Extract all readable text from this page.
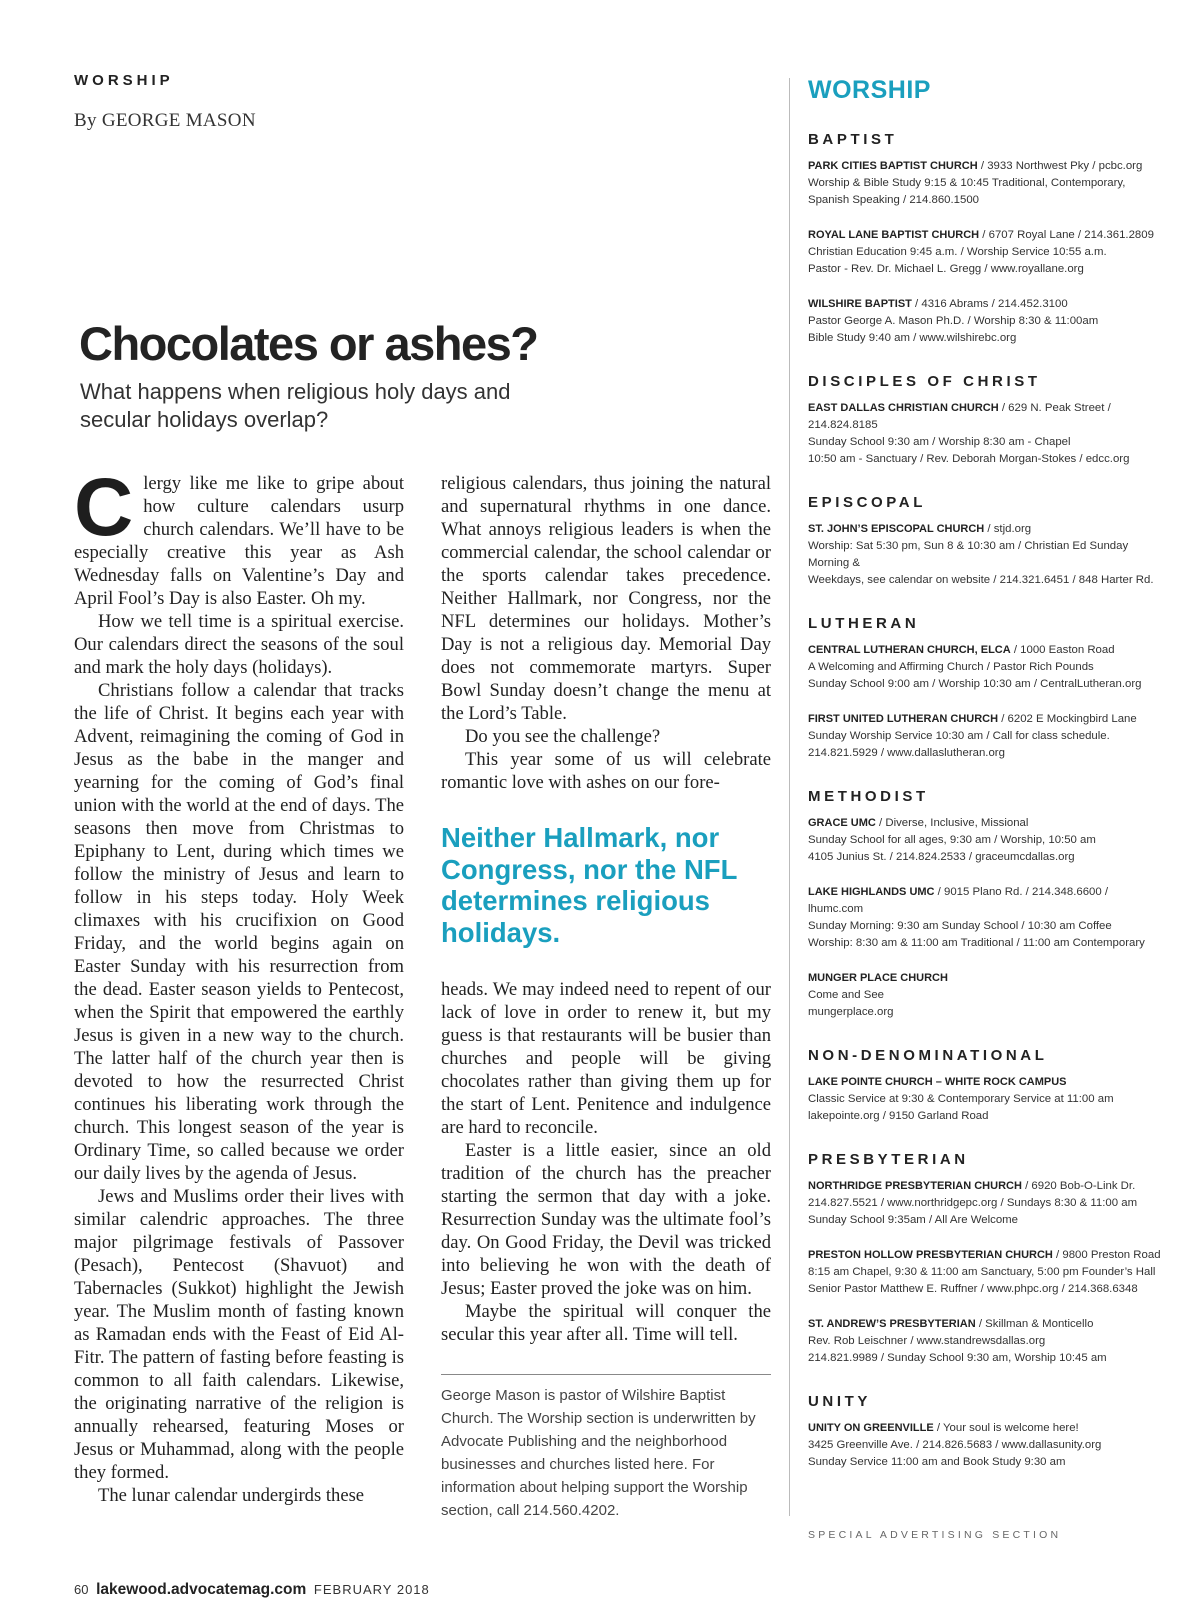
WORSHIP
By GEORGE MASON
Chocolates or ashes?
What happens when religious holy days and secular holidays overlap?

Clergy like me like to gripe about how culture calendars usurp church calendars. We’ll have to be especially creative this year as Ash Wednesday falls on Valentine’s Day and April Fool’s Day is also Easter. Oh my.

How we tell time is a spiritual exercise. Our calendars direct the seasons of the soul and mark the holy days (holidays).

Christians follow a calendar that tracks the life of Christ. It begins each year with Advent, reimagining the coming of God in Jesus as the babe in the manger and yearning for the coming of God’s final union with the world at the end of days. The seasons then move from Christmas to Epiphany to Lent, during which times we follow the ministry of Jesus and learn to follow in his steps today. Holy Week climaxes with his crucifixion on Good Friday, and the world begins again on Easter Sunday with his resurrection from the dead. Easter season yields to Pentecost, when the Spirit that empowered the earthly Jesus is given in a new way to the church. The latter half of the church year then is devoted to how the resurrected Christ continues his liberating work through the church. This longest season of the year is Ordinary Time, so called because we order our daily lives by the agenda of Jesus.

Jews and Muslims order their lives with similar calendric approaches. The three major pilgrimage festivals of Passover (Pesach), Pentecost (Shavuot) and Tabernacles (Sukkot) highlight the Jewish year. The Muslim month of fasting known as Ramadan ends with the Feast of Eid Al-Fitr. The pattern of fasting before feasting is common to all faith calendars. Likewise, the originating narrative of the religion is annually rehearsed, featuring Moses or Jesus or Muhammad, along with the people they formed.

The lunar calendar undergirds these

religious calendars, thus joining the natural and supernatural rhythms in one dance. What annoys religious leaders is when the commercial calendar, the school calendar or the sports calendar takes precedence. Neither Hallmark, nor Congress, nor the NFL determines our holidays. Mother’s Day is not a religious day. Memorial Day does not commemorate martyrs. Super Bowl Sunday doesn’t change the menu at the Lord’s Table.

Do you see the challenge?

This year some of us will celebrate romantic love with ashes on our fore-

Neither Hallmark, nor Congress, nor the NFL determines religious holidays.

heads. We may indeed need to repent of our lack of love in order to renew it, but my guess is that restaurants will be busier than churches and people will be giving chocolates rather than giving them up for the start of Lent. Penitence and indulgence are hard to reconcile.

Easter is a little easier, since an old tradition of the church has the preacher starting the sermon that day with a joke. Resurrection Sunday was the ultimate fool’s day. On Good Friday, the Devil was tricked into believing he won with the death of Jesus; Easter proved the joke was on him.

Maybe the spiritual will conquer the secular this year after all. Time will tell.

George Mason is pastor of Wilshire Baptist Church. The Worship section is underwritten by Advocate Publishing and the neighborhood businesses and churches listed here. For information about helping support the Worship section, call 214.560.4202.
60 lakewood.advocatemag.com FEBRUARY 2018
WORSHIP
BAPTIST
PARK CITIES BAPTIST CHURCH / 3933 Northwest Pky / pcbc.org
Worship & Bible Study 9:15 & 10:45 Traditional, Contemporary,
Spanish Speaking / 214.860.1500
ROYAL LANE BAPTIST CHURCH / 6707 Royal Lane / 214.361.2809
Christian Education 9:45 a.m. / Worship Service 10:55 a.m.
Pastor - Rev. Dr. Michael L. Gregg / www.royallane.org
WILSHIRE BAPTIST / 4316 Abrams / 214.452.3100
Pastor George A. Mason Ph.D. / Worship 8:30 & 11:00am
Bible Study 9:40 am / www.wilshirebc.org
DISCIPLES OF CHRIST
EAST DALLAS CHRISTIAN CHURCH / 629 N. Peak Street / 214.824.8185
Sunday School 9:30 am / Worship 8:30 am - Chapel
10:50 am - Sanctuary / Rev. Deborah Morgan-Stokes / edcc.org
EPISCOPAL
ST. JOHN’S EPISCOPAL CHURCH / stjd.org
Worship: Sat 5:30 pm, Sun 8 & 10:30 am / Christian Ed Sunday Morning &
Weekdays, see calendar on website / 214.321.6451 / 848 Harter Rd.
LUTHERAN
CENTRAL LUTHERAN CHURCH, ELCA / 1000 Easton Road
A Welcoming and Affirming Church / Pastor Rich Pounds
Sunday School 9:00 am / Worship 10:30 am / CentralLutheran.org
FIRST UNITED LUTHERAN CHURCH / 6202 E Mockingbird Lane
Sunday Worship Service 10:30 am / Call for class schedule.
214.821.5929 / www.dallaslutheran.org
METHODIST
GRACE UMC / Diverse, Inclusive, Missional
Sunday School for all ages, 9:30 am / Worship, 10:50 am
4105 Junius St. / 214.824.2533 / graceumcdallas.org
LAKE HIGHLANDS UMC / 9015 Plano Rd. / 214.348.6600 / lhumc.com
Sunday Morning: 9:30 am Sunday School / 10:30 am Coffee
Worship: 8:30 am & 11:00 am Traditional / 11:00 am Contemporary
MUNGER PLACE CHURCH
Come and See
mungerplace.org
NON-DENOMINATIONAL
LAKE POINTE CHURCH – WHITE ROCK CAMPUS
Classic Service at 9:30 & Contemporary Service at 11:00 am
lakepointe.org / 9150 Garland Road
PRESBYTERIAN
NORTHRIDGE PRESBYTERIAN CHURCH / 6920 Bob-O-Link Dr.
214.827.5521 / www.northridgepc.org / Sundays 8:30 & 11:00 am
Sunday School 9:35am / All Are Welcome
PRESTON HOLLOW PRESBYTERIAN CHURCH / 9800 Preston Road
8:15 am Chapel, 9:30 & 11:00 am Sanctuary, 5:00 pm Founder’s Hall
Senior Pastor Matthew E. Ruffner / www.phpc.org / 214.368.6348
ST. ANDREW’S PRESBYTERIAN / Skillman & Monticello
Rev. Rob Leischner / www.standrewsdallas.org
214.821.9989 / Sunday School 9:30 am, Worship 10:45 am
UNITY
UNITY ON GREENVILLE / Your soul is welcome here!
3425 Greenville Ave. / 214.826.5683 / www.dallasunity.org
Sunday Service 11:00 am and Book Study 9:30 am
SPECIAL ADVERTISING SECTION
